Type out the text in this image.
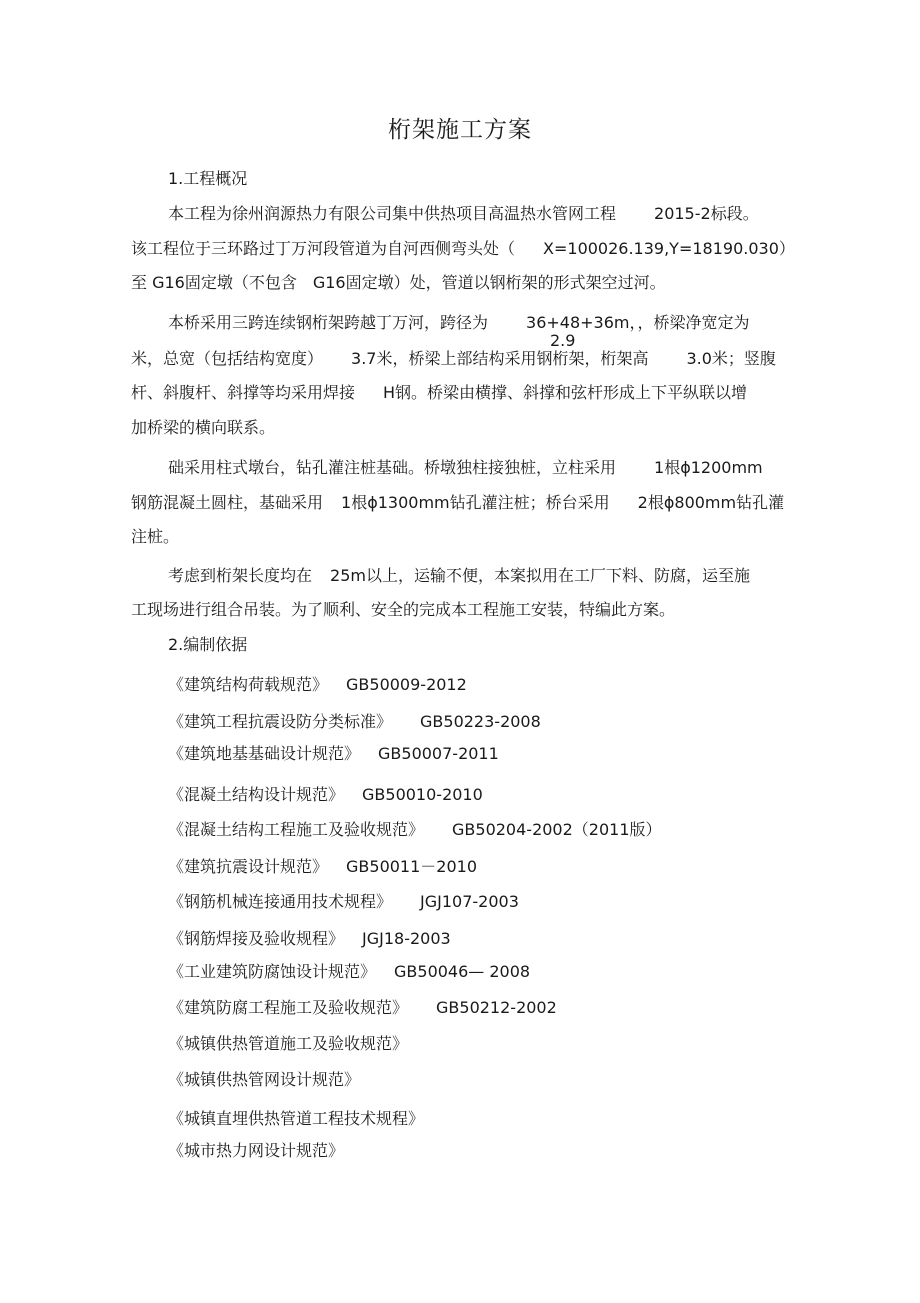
桁架施工方案
1.工程概况
本工程为徐州润源热力有限公司集中供热项目高温热水管网工程 2015-2标段。
该工程位于三环路过丁万河段管道为自河西侧弯头处（ X=100026.139,Y=18190.030）
至 G16固定墩（不包含　G16固定墩）处，管道以钢桁架的形式架空过河。
本桥采用三跨连续钢桁架跨越丁万河，跨径为 36+48+36m，，桥梁净宽定为
2.9
米，总宽（包括结构宽度） 3.7米，桥梁上部结构采用钢桁架，桁架高 3.0米；竖腹
杆、斜腹杆、斜撑等均采用焊接 H钢。桥梁由横撑、斜撑和弦杆形成上下平纵联以增
加桥梁的横向联系。
础采用柱式墩台，钻孔灌注桩基础。桥墩独柱接独桩，立柱采用 1根ϕ1200mm
钢筋混凝土圆柱，基础采用 1根ϕ1300mm钻孔灌注桩；桥台采用 2根ϕ800mm钻孔灌
注桩。
考虑到桁架长度均在 25m以上，运输不便，本案拟用在工厂下料、防腐，运至施
工现场进行组合吊装。为了顺利、安全的完成本工程施工安装，特编此方案。
2.编制依据
《建筑结构荷载规范》 GB50009-2012
《建筑工程抗震设防分类标准》 GB50223-2008
《建筑地基基础设计规范》 GB50007-2011
《混凝土结构设计规范》 GB50010-2010
《混凝土结构工程施工及验收规范》 GB50204-2002（2011版）
《建筑抗震设计规范》 GB50011－2010
《钢筋机械连接通用技术规程》 JGJ107-2003
《钢筋焊接及验收规程》 JGJ18-2003
《工业建筑防腐蚀设计规范》 GB50046— 2008
《建筑防腐工程施工及验收规范》 GB50212-2002
《城镇供热管道施工及验收规范》
《城镇供热管网设计规范》
《城镇直埋供热管道工程技术规程》
《城市热力网设计规范》
